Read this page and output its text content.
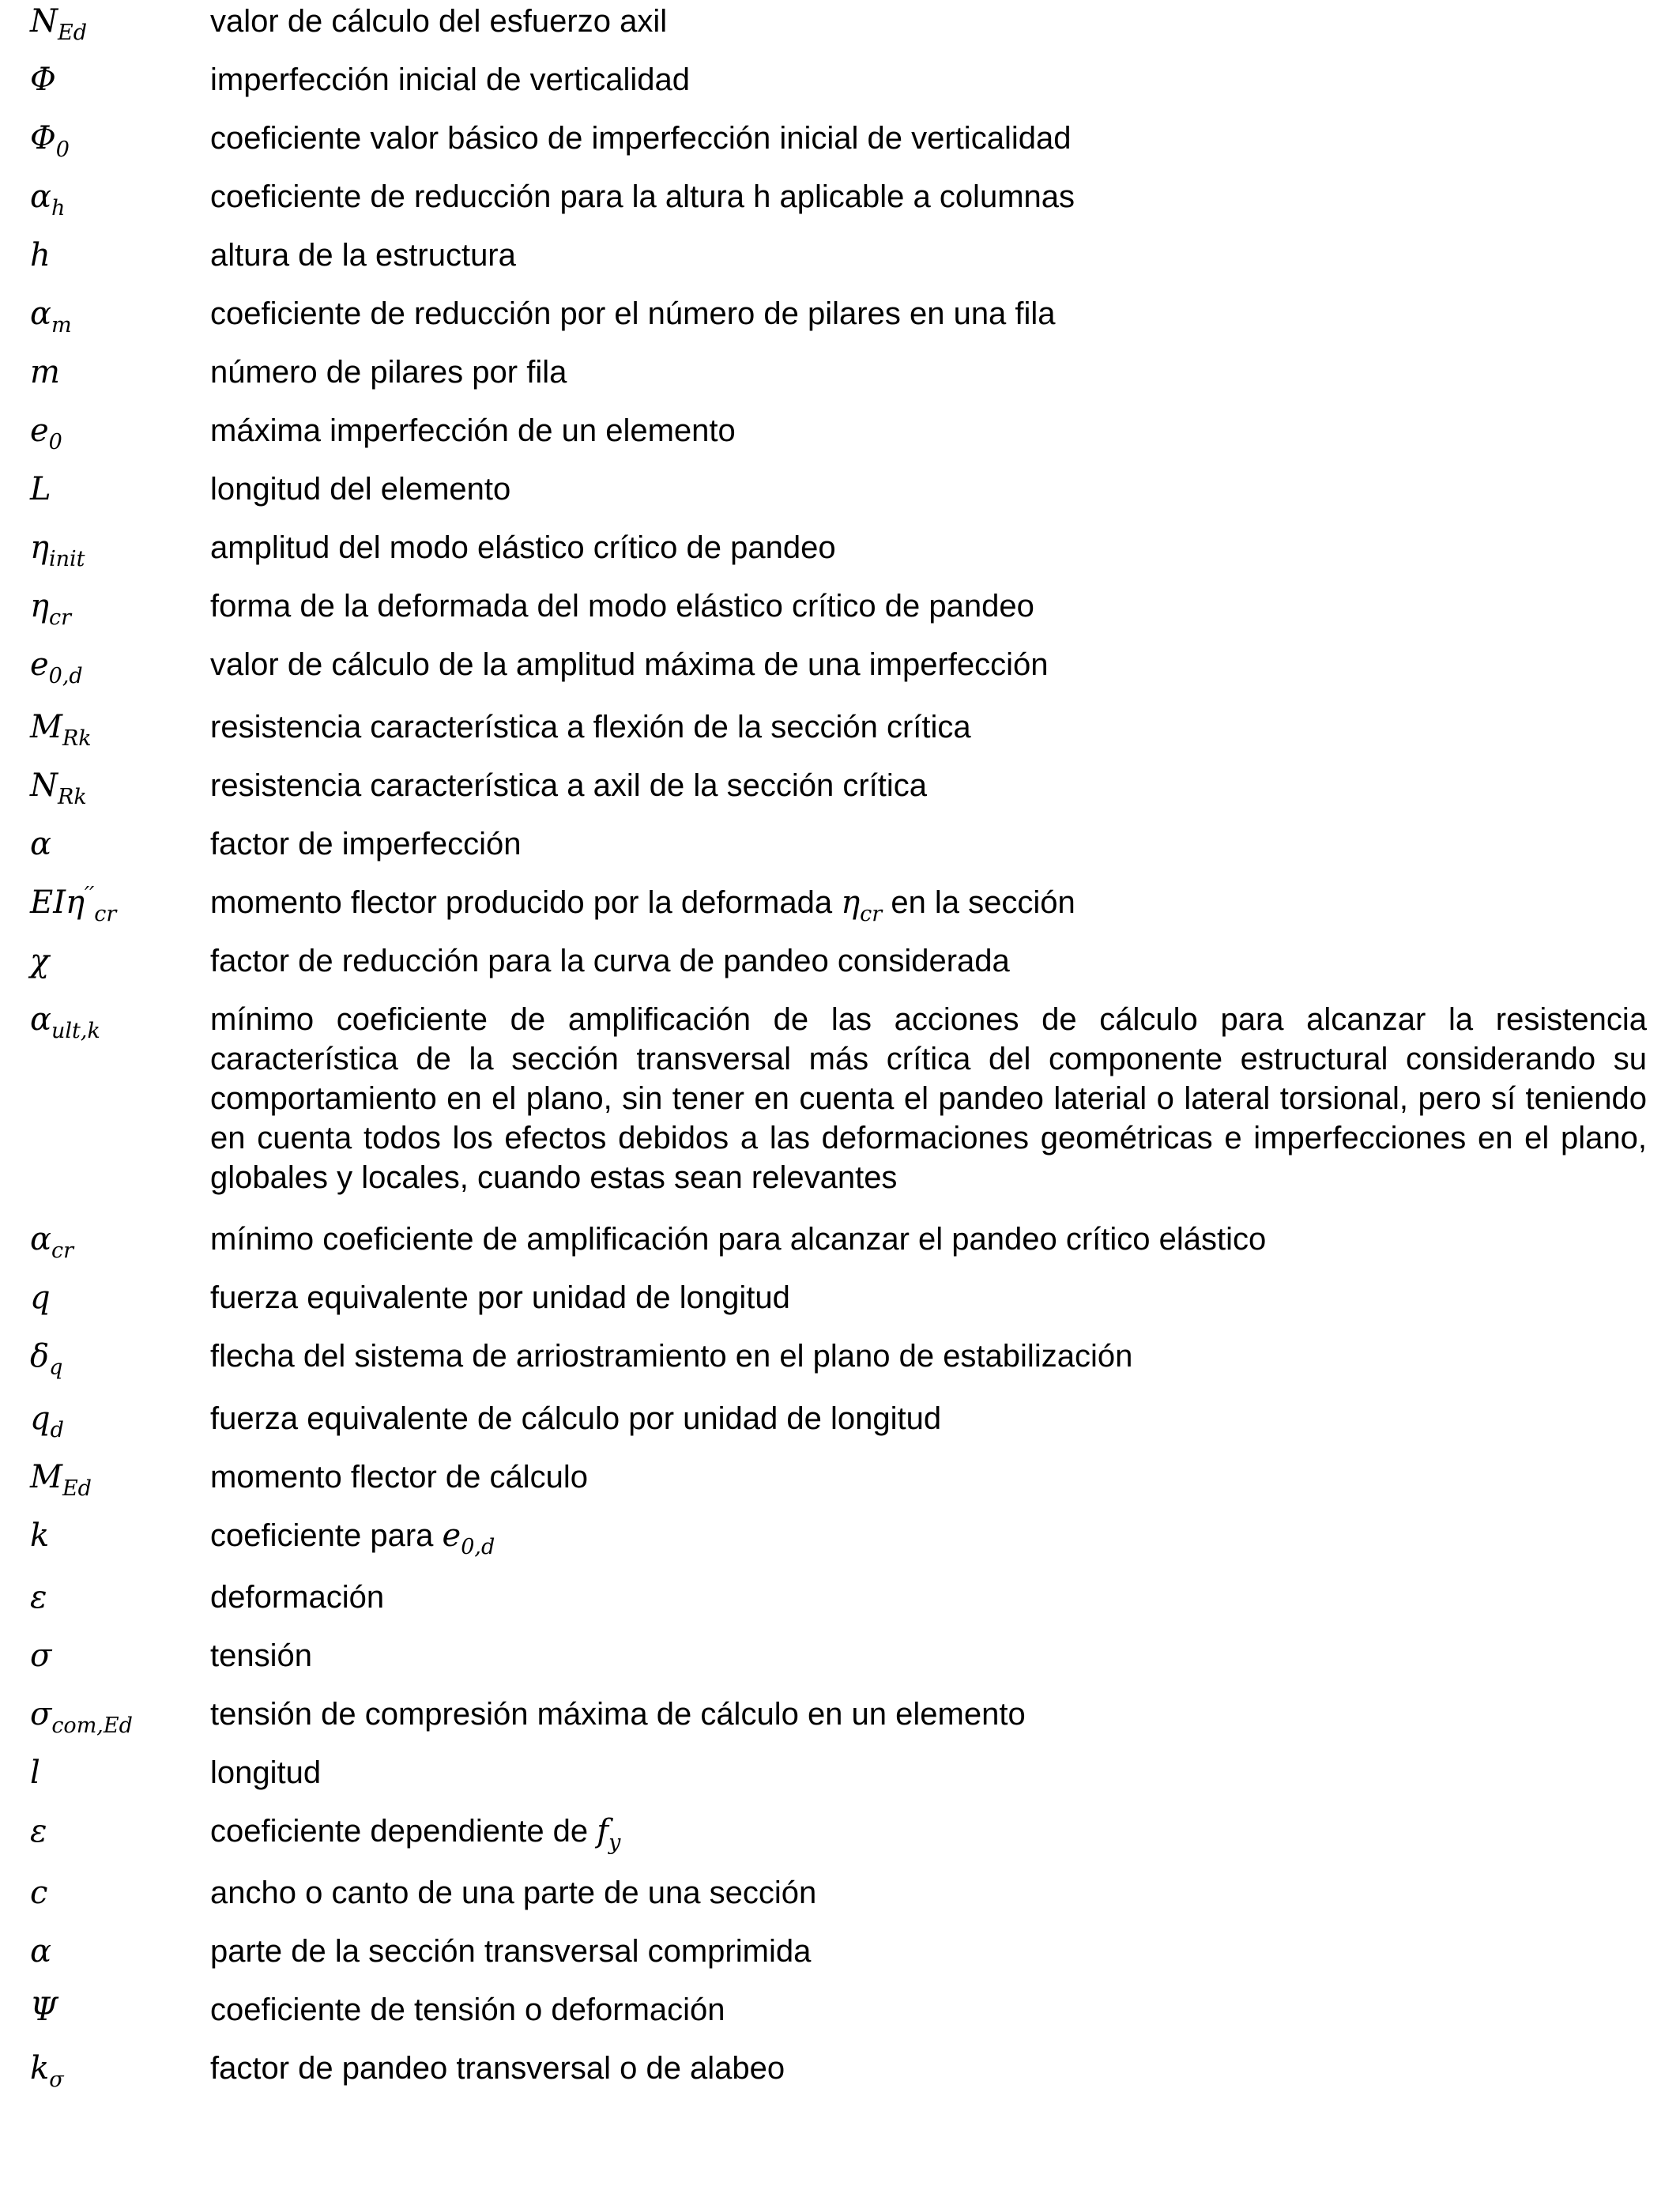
$N_{Ed}$	valor de cálculo del esfuerzo axil
Φ	imperfección inicial de verticalidad
$\Phi_0$	coeficiente valor básico de imperfección inicial de verticalidad
$\alpha_h$	coeficiente de reducción para la altura h aplicable a columnas
h	altura de la estructura
$\alpha_m$	coeficiente de reducción por el número de pilares en una fila
m	número de pilares por fila
$e_0$	máxima imperfección de un elemento
L	longitud del elemento
$\eta_{init}$	amplitud del modo elástico crítico de pandeo
$\eta_{cr}$	forma de la deformada del modo elástico crítico de pandeo
$e_{0,d}$	valor de cálculo de la amplitud máxima de una imperfección
$M_{Rk}$	resistencia característica a flexión de la sección crítica
$N_{Rk}$	resistencia característica a axil de la sección crítica
α	factor de imperfección
EIη′′$_{cr}$	momento flector producido por la deformada $\eta_{cr}$ en la sección
χ	factor de reducción para la curva de pandeo considerada
$\alpha_{ult,k}$	mínimo coeficiente de amplificación de las acciones de cálculo para alcanzar la resistencia característica de la sección transversal más crítica del componente estructural considerando su comportamiento en el plano, sin tener en cuenta el pandeo laterial o lateral torsional, pero sí teniendo en cuenta todos los efectos debidos a las deformaciones geométricas e imperfecciones en el plano, globales y locales, cuando estas sean relevantes
$\alpha_{cr}$	mínimo coeficiente de amplificación para alcanzar el pandeo crítico elástico
q	fuerza equivalente por unidad de longitud
$\delta_q$	flecha del sistema de arriostramiento en el plano de estabilización
$q_d$	fuerza equivalente de cálculo por unidad de longitud
$M_{Ed}$	momento flector de cálculo
k	coeficiente para $e_{0,d}$
ε	deformación
σ	tensión
$\sigma_{com,Ed}$ tensión de compresión máxima de cálculo en un elemento
l	longitud
ε	coeficiente dependiente de $f_y$
c	ancho o canto de una parte de una sección
α	parte de la sección transversal comprimida
Ψ	coeficiente de tensión o deformación
$k_\sigma$	factor de pandeo transversal o de alabeo
